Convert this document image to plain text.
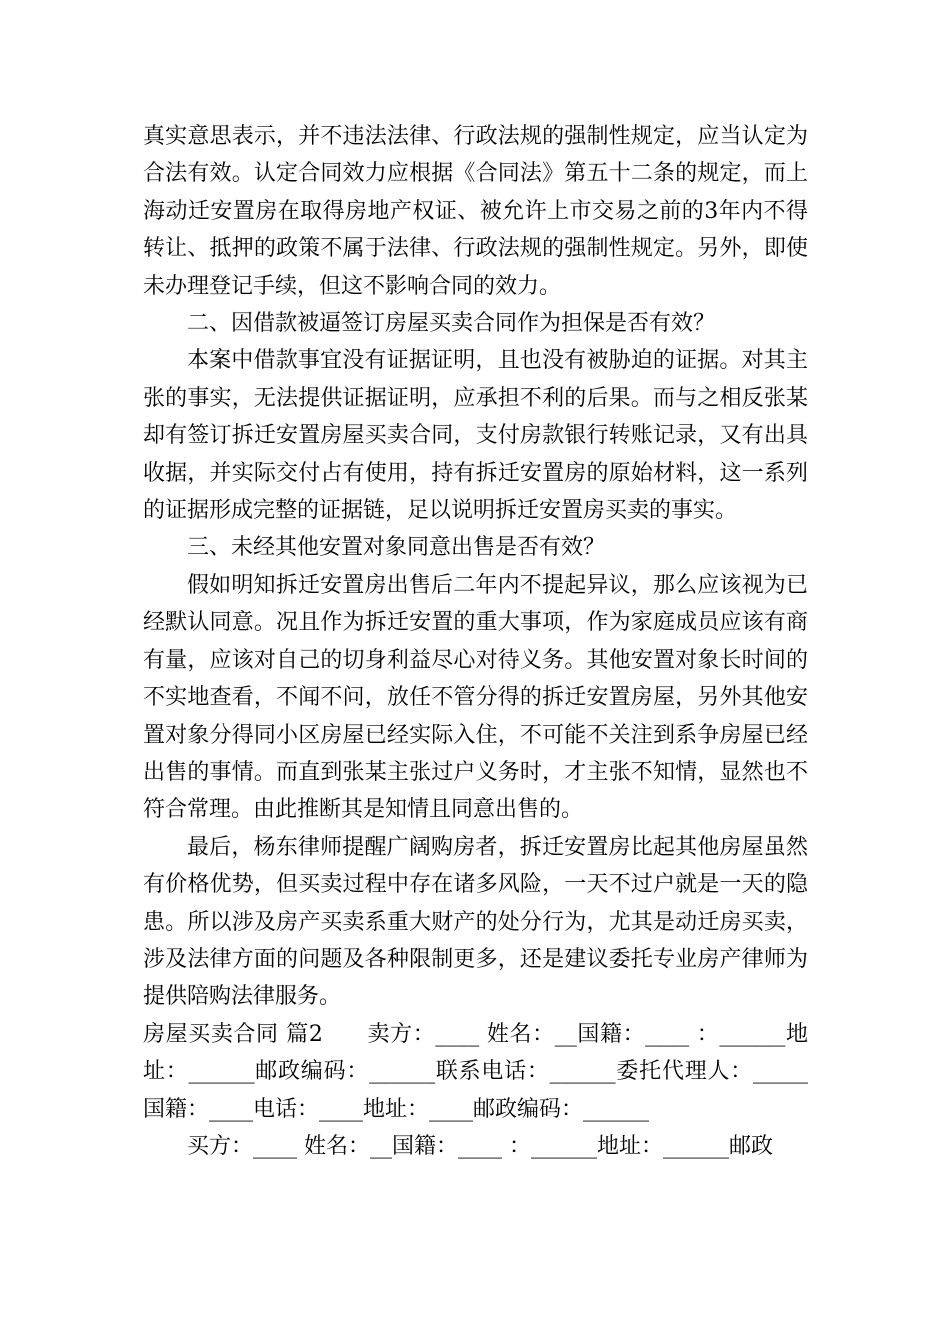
真实意思表示，并不违法法律、行政法规的强制性规定，应当认定为合法有效。认定合同效力应根据《合同法》第五十二条的规定，而上海动迁安置房在取得房地产权证、被允许上市交易之前的3年内不得转让、抵押的政策不属于法律、行政法规的强制性规定。另外，即使未办理登记手续，但这不影响合同的效力。

二、因借款被逼签订房屋买卖合同作为担保是否有效？

本案中借款事宜没有证据证明，且也没有被胁迫的证据。对其主张的事实，无法提供证据证明，应承担不利的后果。而与之相反张某却有签订拆迁安置房屋买卖合同，支付房款银行转账记录，又有出具收据，并实际交付占有使用，持有拆迁安置房的原始材料，这一系列的证据形成完整的证据链，足以说明拆迁安置房买卖的事实。

三、未经其他安置对象同意出售是否有效？

假如明知拆迁安置房出售后二年内不提起异议，那么应该视为已经默认同意。况且作为拆迁安置的重大事项，作为家庭成员应该有商有量，应该对自己的切身利益尽心对待义务。其他安置对象长时间的不实地查看，不闻不问，放任不管分得的拆迁安置房屋，另外其他安置对象分得同小区房屋已经实际入住，不可能不关注到系争房屋已经出售的事情。而直到张某主张过户义务时，才主张不知情，显然也不符合常理。由此推断其是知情且同意出售的。

最后，杨东律师提醒广阔购房者，拆迁安置房比起其他房屋虽然有价格优势，但买卖过程中存在诸多风险，一天不过户就是一天的隐患。所以涉及房产买卖系重大财产的处分行为，尤其是动迁房买卖，涉及法律方面的问题及各种限制更多，还是建议委托专业房产律师为提供陪购法律服务。

房屋买卖合同 篇2   卖方：____ 姓名：__国籍：____ ：______地址：______邮政编码：______联系电话：______委托代理人：_____国籍：____电话：____地址：____邮政编码：______

买方：____ 姓名：__国籍：____ ：______地址：______邮政
